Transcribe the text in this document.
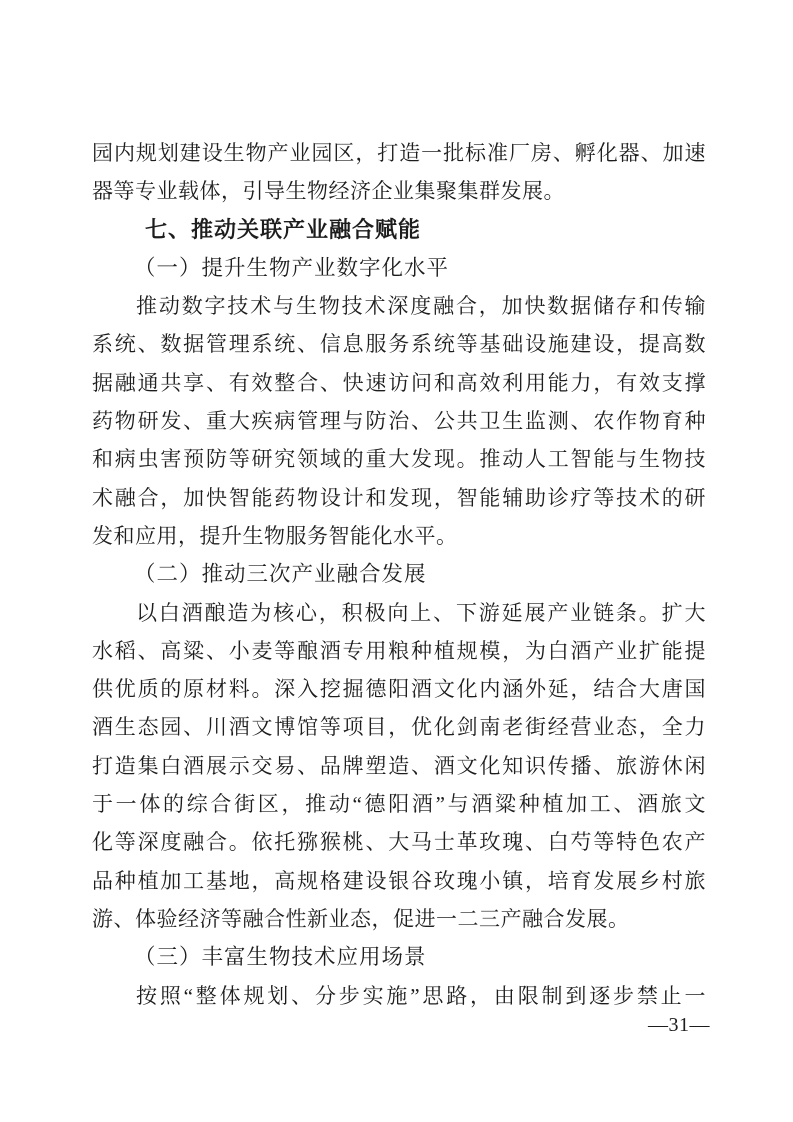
园内规划建设生物产业园区，打造一批标准厂房、孵化器、加速
器等专业载体，引导生物经济企业集聚集群发展。
七、推动关联产业融合赋能
（一）提升生物产业数字化水平
推动数字技术与生物技术深度融合，加快数据储存和传输
系统、数据管理系统、信息服务系统等基础设施建设，提高数
据融通共享、有效整合、快速访问和高效利用能力，有效支撑
药物研发、重大疾病管理与防治、公共卫生监测、农作物育种
和病虫害预防等研究领域的重大发现。推动人工智能与生物技
术融合，加快智能药物设计和发现，智能辅助诊疗等技术的研
发和应用，提升生物服务智能化水平。
（二）推动三次产业融合发展
以白酒酿造为核心，积极向上、下游延展产业链条。扩大
水稻、高粱、小麦等酿酒专用粮种植规模，为白酒产业扩能提
供优质的原材料。深入挖掘德阳酒文化内涵外延，结合大唐国
酒生态园、川酒文博馆等项目，优化剑南老街经营业态，全力
打造集白酒展示交易、品牌塑造、酒文化知识传播、旅游休闲
于一体的综合街区，推动“德阳酒”与酒粱种植加工、酒旅文
化等深度融合。依托猕猴桃、大马士革玫瑰、白芍等特色农产
品种植加工基地，高规格建设银谷玫瑰小镇，培育发展乡村旅
游、体验经济等融合性新业态，促进一二三产融合发展。
（三）丰富生物技术应用场景
按照“整体规划、分步实施”思路，由限制到逐步禁止一
—31—
